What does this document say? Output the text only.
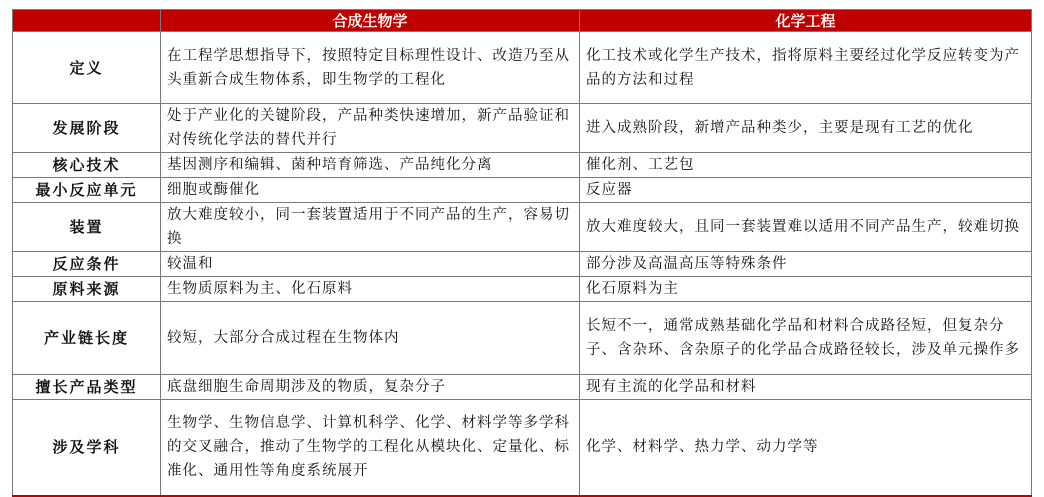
	合成生物学	化学工程
定义	在工程学思想指导下，按照特定目标理性设计、改造乃至从头重新合成生物体系，即生物学的工程化	化工技术或化学生产技术，指将原料主要经过化学反应转变为产品的方法和过程
发展阶段	处于产业化的关键阶段，产品种类快速增加，新产品验证和对传统化学法的替代并行	进入成熟阶段，新增产品种类少，主要是现有工艺的优化
核心技术	基因测序和编辑、菌种培育筛选、产品纯化分离	催化剂、工艺包
最小反应单元	细胞或酶催化	反应器
装置	放大难度较小，同一套装置适用于不同产品的生产，容易切换	放大难度较大，且同一套装置难以适用不同产品生产，较难切换
反应条件	较温和	部分涉及高温高压等特殊条件
原料来源	生物质原料为主、化石原料	化石原料为主
产业链长度	较短，大部分合成过程在生物体内	长短不一，通常成熟基础化学品和材料合成路径短，但复杂分子、含杂环、含杂原子的化学品合成路径较长，涉及单元操作多
擅长产品类型	底盘细胞生命周期涉及的物质，复杂分子	现有主流的化学品和材料
涉及学科	生物学、生物信息学、计算机科学、化学、材料学等多学科的交叉融合，推动了生物学的工程化从模块化、定量化、标准化、通用性等角度系统展开	化学、材料学、热力学、动力学等
